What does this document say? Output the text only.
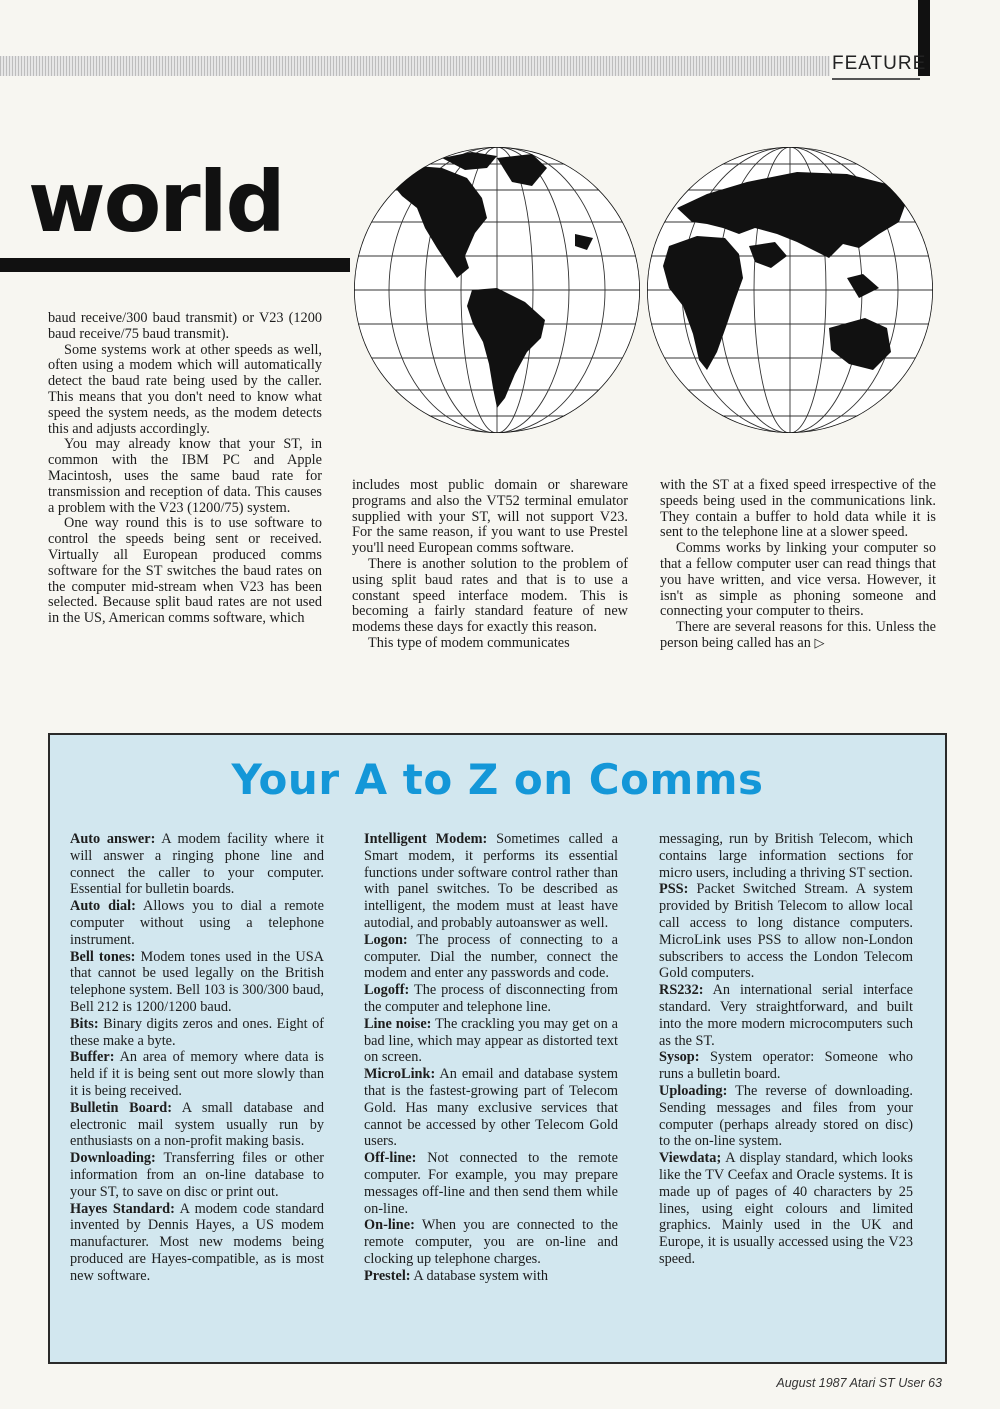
FEATURE
world

baud receive/300 baud transmit) or V23 (1200 baud receive/75 baud transmit).

Some systems work at other speeds as well, often using a modem which will automatically detect the baud rate being used by the caller. This means that you don't need to know what speed the system needs, as the modem detects this and adjusts accordingly.

You may already know that your ST, in common with the IBM PC and Apple Macintosh, uses the same baud rate for transmission and reception of data. This causes a problem with the V23 (1200/75) system.

One way round this is to use software to control the speeds being sent or received. Virtually all European produced comms software for the ST switches the baud rates on the computer mid-stream when V23 has been selected. Because split baud rates are not used in the US, American comms software, which

includes most public domain or shareware programs and also the VT52 terminal emulator supplied with your ST, will not support V23. For the same reason, if you want to use Prestel you'll need European comms software.

There is another solution to the problem of using split baud rates and that is to use a constant speed interface modem. This is becoming a fairly standard feature of new modems these days for exactly this reason.

This type of modem communicates

with the ST at a fixed speed irrespective of the speeds being used in the communications link. They contain a buffer to hold data while it is sent to the telephone line at a slower speed.

Comms works by linking your computer so that a fellow computer user can read things that you have written, and vice versa. However, it isn't as simple as phoning someone and connecting your computer to theirs.

There are several reasons for this. Unless the person being called has an ▷

Your A to Z on Comms

Auto answer: A modem facility where it will answer a ringing phone line and connect the caller to your computer. Essential for bulletin boards.

Auto dial: Allows you to dial a remote computer without using a telephone instrument.

Bell tones: Modem tones used in the USA that cannot be used legally on the British telephone system. Bell 103 is 300/300 baud, Bell 212 is 1200/1200 baud.

Bits: Binary digits zeros and ones. Eight of these make a byte.

Buffer: An area of memory where data is held if it is being sent out more slowly than it is being received.

Bulletin Board: A small database and electronic mail system usually run by enthusiasts on a non-profit making basis.

Downloading: Transferring files or other information from an on-line database to your ST, to save on disc or print out.

Hayes Standard: A modem code standard invented by Dennis Hayes, a US modem manufacturer. Most new modems being produced are Hayes-compatible, as is most new software.

Intelligent Modem: Sometimes called a Smart modem, it performs its essential functions under software control rather than with panel switches. To be described as intelligent, the modem must at least have autodial, and probably autoanswer as well.

Logon: The process of connecting to a computer. Dial the number, connect the modem and enter any passwords and code.

Logoff: The process of disconnecting from the computer and telephone line.

Line noise: The crackling you may get on a bad line, which may appear as distorted text on screen.

MicroLink: An email and database system that is the fastest-growing part of Telecom Gold. Has many exclusive services that cannot be accessed by other Telecom Gold users.

Off-line: Not connected to the remote computer. For example, you may prepare messages off-line and then send them while on-line.

On-line: When you are connected to the remote computer, you are on-line and clocking up telephone charges.

Prestel: A database system with

messaging, run by British Telecom, which contains large information sections for micro users, including a thriving ST section.

PSS: Packet Switched Stream. A system provided by British Telecom to allow local call access to long distance computers. MicroLink uses PSS to allow non-London subscribers to access the London Telecom Gold computers.

RS232: An international serial interface standard. Very straightforward, and built into the more modern microcomputers such as the ST.

Sysop: System operator: Someone who runs a bulletin board.

Uploading: The reverse of downloading. Sending messages and files from your computer (perhaps already stored on disc) to the on-line system.

Viewdata; A display standard, which looks like the TV Ceefax and Oracle systems. It is made up of pages of 40 characters by 25 lines, using eight colours and limited graphics. Mainly used in the UK and Europe, it is usually accessed using the V23 speed.

August 1987 Atari ST User 63
